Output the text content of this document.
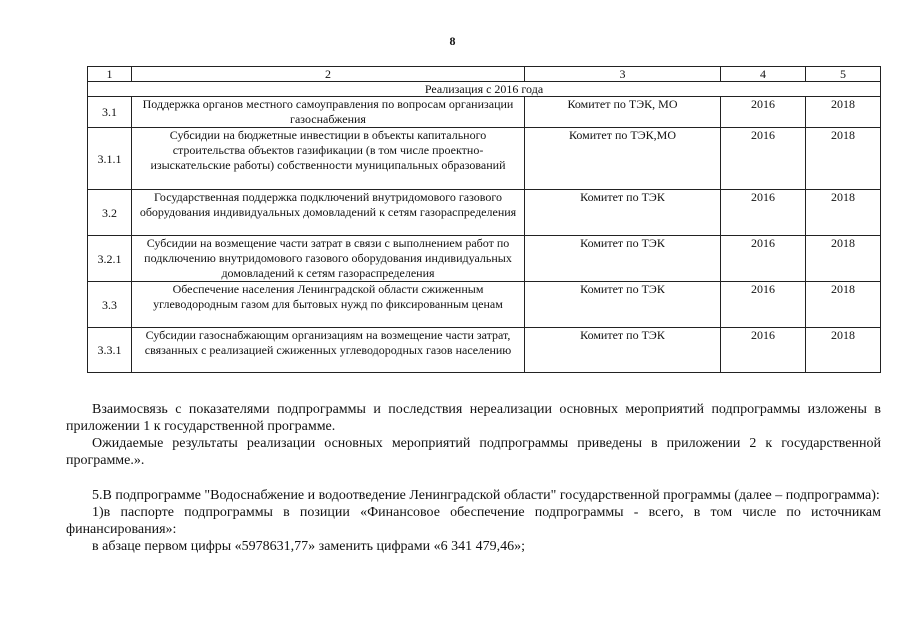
8
1	2	3	4	5
Реализация с 2016 года				
3.1	Поддержка органов местного самоуправления по вопросам организации газоснабжения	Комитет по ТЭК, МО	2016	2018
3.1.1	Субсидии на бюджетные инвестиции в объекты капитального строительства объектов газификации (в том числе проектно-изыскательские работы) собственности муниципальных образований	Комитет по ТЭК,МО	2016	2018
3.2	Государственная поддержка подключений внутридомового газового оборудования индивидуальных домовладений к сетям газораспределения	Комитет по ТЭК	2016	2018
3.2.1	Субсидии на возмещение части затрат в связи с выполнением работ по подключению внутридомового газового оборудования индивидуальных домовладений к сетям газораспределения	Комитет по ТЭК	2016	2018
3.3	Обеспечение населения Ленинградской области сжиженным углеводородным газом для бытовых нужд по фиксированным ценам	Комитет по ТЭК	2016	2018
3.3.1	Субсидии газоснабжающим организациям на возмещение части затрат, связанных с реализацией сжиженных углеводородных газов населению	Комитет по ТЭК	2016	2018

Взаимосвязь с показателями подпрограммы и последствия нереализации основных мероприятий подпрограммы изложены в приложении 1 к государственной программе.

Ожидаемые результаты реализации основных мероприятий подпрограммы приведены в приложении 2 к государственной программе.».

5.В подпрограмме "Водоснабжение и водоотведение Ленинградской области" государственной программы (далее – подпрограмма):

1)в паспорте подпрограммы в позиции «Финансовое обеспечение подпрограммы - всего, в том числе по источникам финансирования»:

в абзаце первом цифры «5978631,77» заменить цифрами «6 341 479,46»;
